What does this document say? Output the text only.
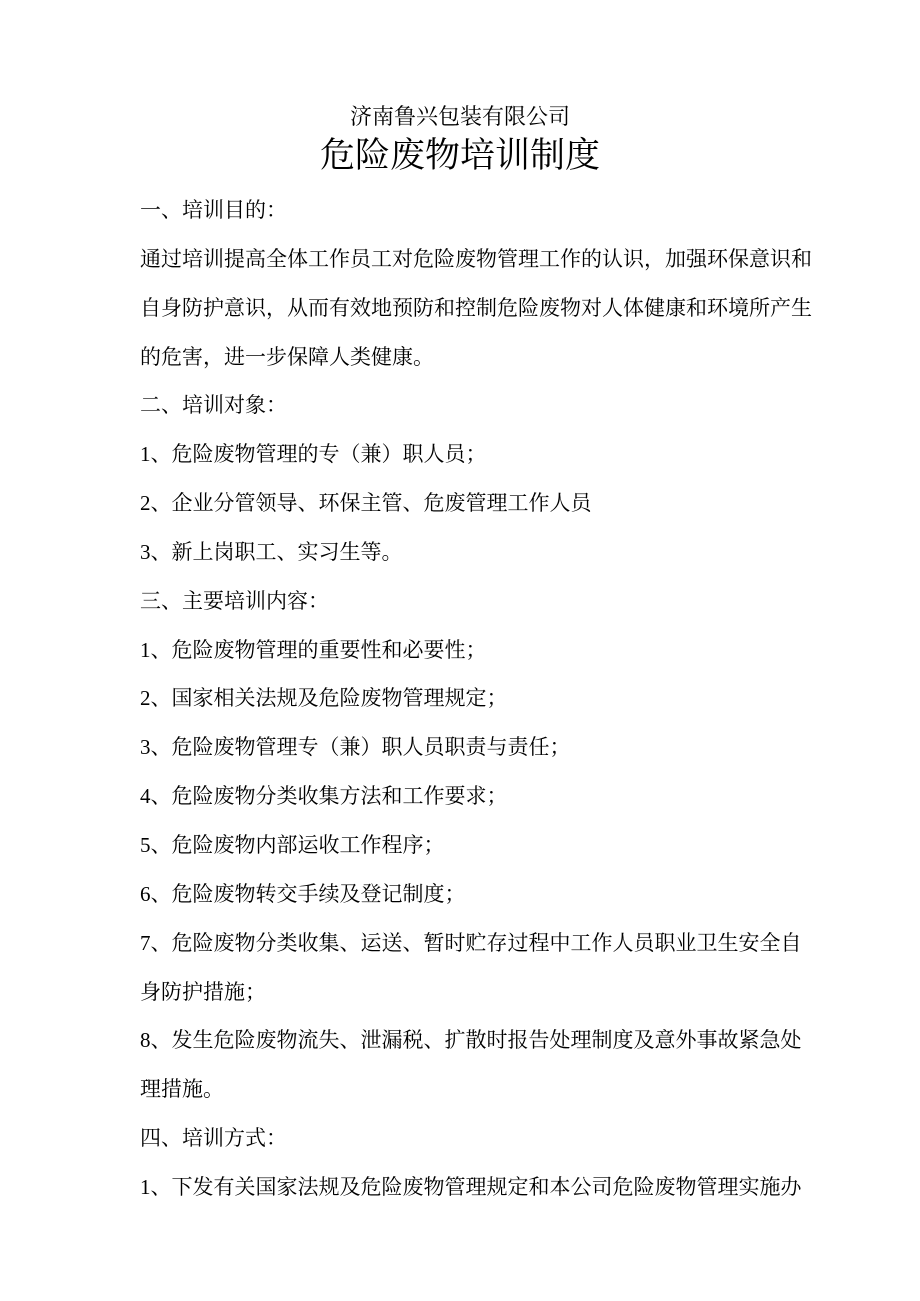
济南鲁兴包装有限公司
危险废物培训制度
一、培训目的：
通过培训提高全体工作员工对危险废物管理工作的认识，加强环保意识和
自身防护意识，从而有效地预防和控制危险废物对人体健康和环境所产生
的危害，进一步保障人类健康。
二、培训对象：
1、危险废物管理的专（兼）职人员；
2、企业分管领导、环保主管、危废管理工作人员
3、新上岗职工、实习生等。
三、主要培训内容：
1、危险废物管理的重要性和必要性；
2、国家相关法规及危险废物管理规定；
3、危险废物管理专（兼）职人员职责与责任；
4、危险废物分类收集方法和工作要求；
5、危险废物内部运收工作程序；
6、危险废物转交手续及登记制度；
7、危险废物分类收集、运送、暂时贮存过程中工作人员职业卫生安全自
身防护措施；
8、发生危险废物流失、泄漏税、扩散时报告处理制度及意外事故紧急处
理措施。
四、培训方式：
1、下发有关国家法规及危险废物管理规定和本公司危险废物管理实施办
